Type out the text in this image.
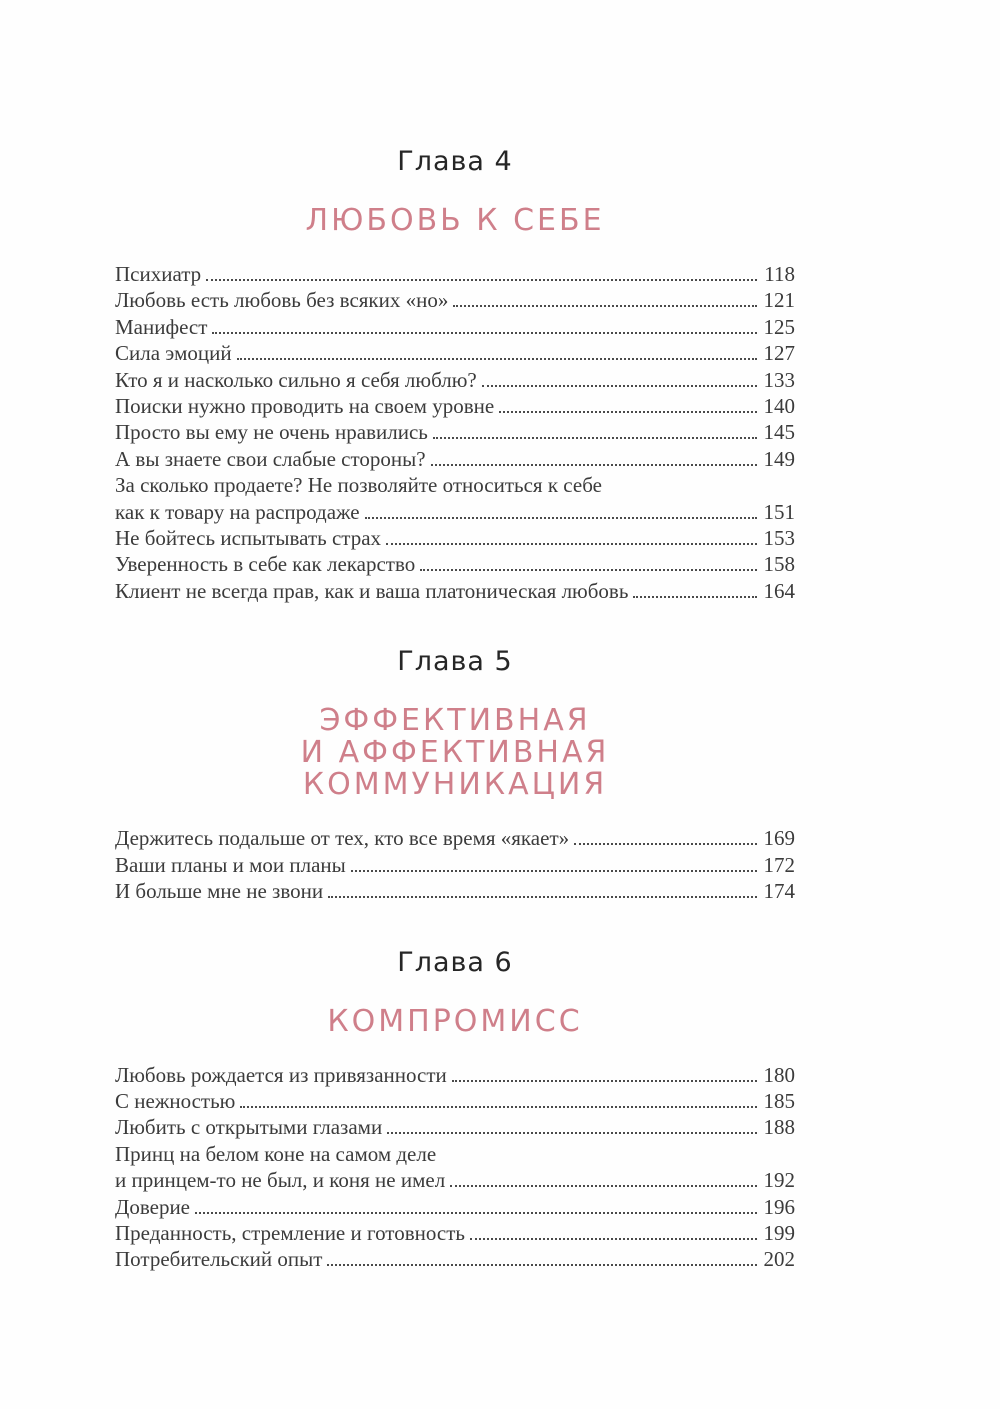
Глава 4
ЛЮБОВЬ К СЕБЕ
Психиатр	118
Любовь есть любовь без всяких «но»	121
Манифест	125
Сила эмоций	127
Кто я и насколько сильно я себя люблю?	133
Поиски нужно проводить на своем уровне	140
Просто вы ему не очень нравились	145
А вы знаете свои слабые стороны?	149
За сколько продаете? Не позволяйте относиться к себе
как к товару на распродаже	151
Не бойтесь испытывать страх	153
Уверенность в себе как лекарство	158
Клиент не всегда прав, как и ваша платоническая любовь	164
Глава 5
ЭФФЕКТИВНАЯ
И АФФЕКТИВНАЯ
КОММУНИКАЦИЯ
Держитесь подальше от тех, кто все время «якает»	169
Ваши планы и мои планы	172
И больше мне не звони	174
Глава 6
КОМПРОМИСС
Любовь рождается из привязанности	180
С нежностью	185
Любить с открытыми глазами	188
Принц на белом коне на самом деле
и принцем-то не был, и коня не имел	192
Доверие	196
Преданность, стремление и готовность	199
Потребительский опыт	202
